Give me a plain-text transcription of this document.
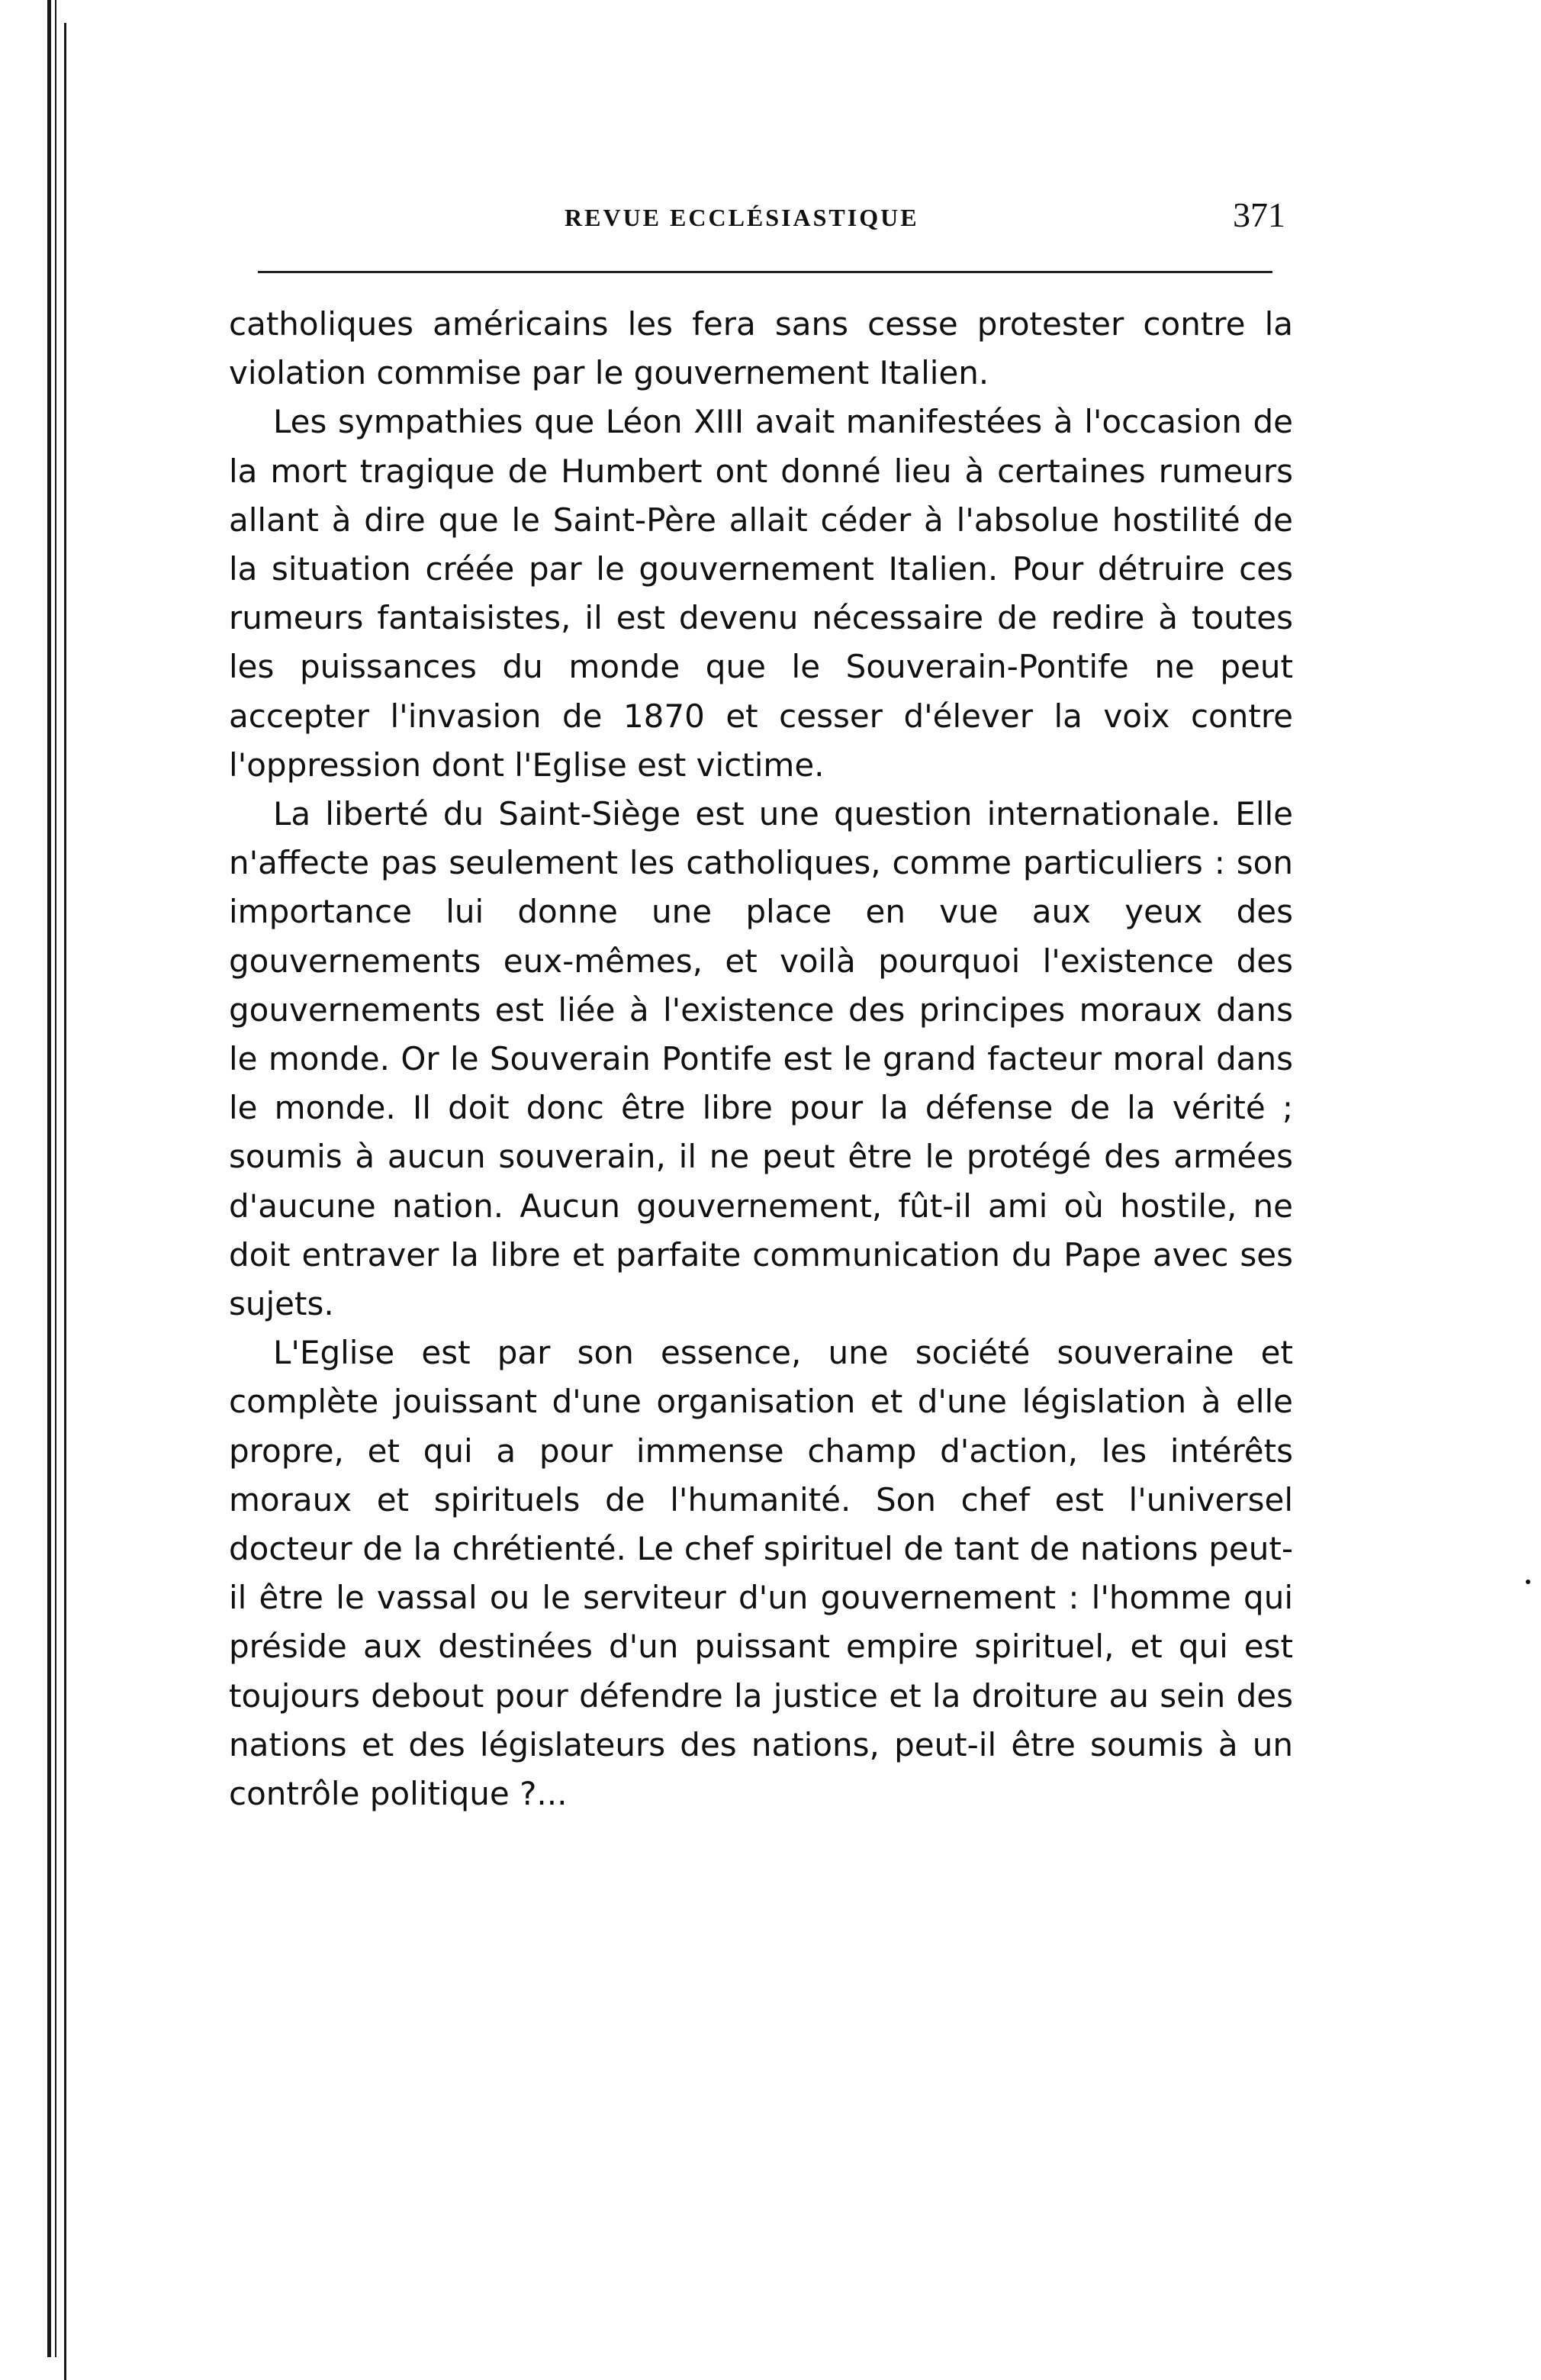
REVUE ECCLÉSIASTIQUE	371

catholiques américains les fera sans cesse protester contre la violation commise par le gouvernement Italien.

Les sympathies que Léon XIII avait manifestées à l'occasion de la mort tragique de Humbert ont donné lieu à certaines rumeurs allant à dire que le Saint-Père allait céder à l'absolue hostilité de la situation créée par le gouvernement Italien. Pour détruire ces rumeurs fantaisistes, il est devenu nécessaire de redire à toutes les puissances du monde que le Souverain-Pontife ne peut accepter l'invasion de 1870 et cesser d'élever la voix contre l'oppression dont l'Eglise est victime.

La liberté du Saint-Siège est une question internationale. Elle n'affecte pas seulement les catholiques, comme particuliers : son importance lui donne une place en vue aux yeux des gouvernements eux-mêmes, et voilà pourquoi l'existence des gouvernements est liée à l'existence des principes moraux dans le monde. Or le Souverain Pontife est le grand facteur moral dans le monde. Il doit donc être libre pour la défense de la vérité ; soumis à aucun souverain, il ne peut être le protégé des armées d'aucune nation. Aucun gouvernement, fût-il ami où hostile, ne doit entraver la libre et parfaite communication du Pape avec ses sujets.

L'Eglise est par son essence, une société souveraine et complète jouissant d'une organisation et d'une législation à elle propre, et qui a pour immense champ d'action, les intérêts moraux et spirituels de l'humanité. Son chef est l'universel docteur de la chrétienté. Le chef spirituel de tant de nations peut-il être le vassal ou le serviteur d'un gouvernement : l'homme qui préside aux destinées d'un puissant empire spirituel, et qui est toujours debout pour défendre la justice et la droiture au sein des nations et des législateurs des nations, peut-il être soumis à un contrôle politique ?...
